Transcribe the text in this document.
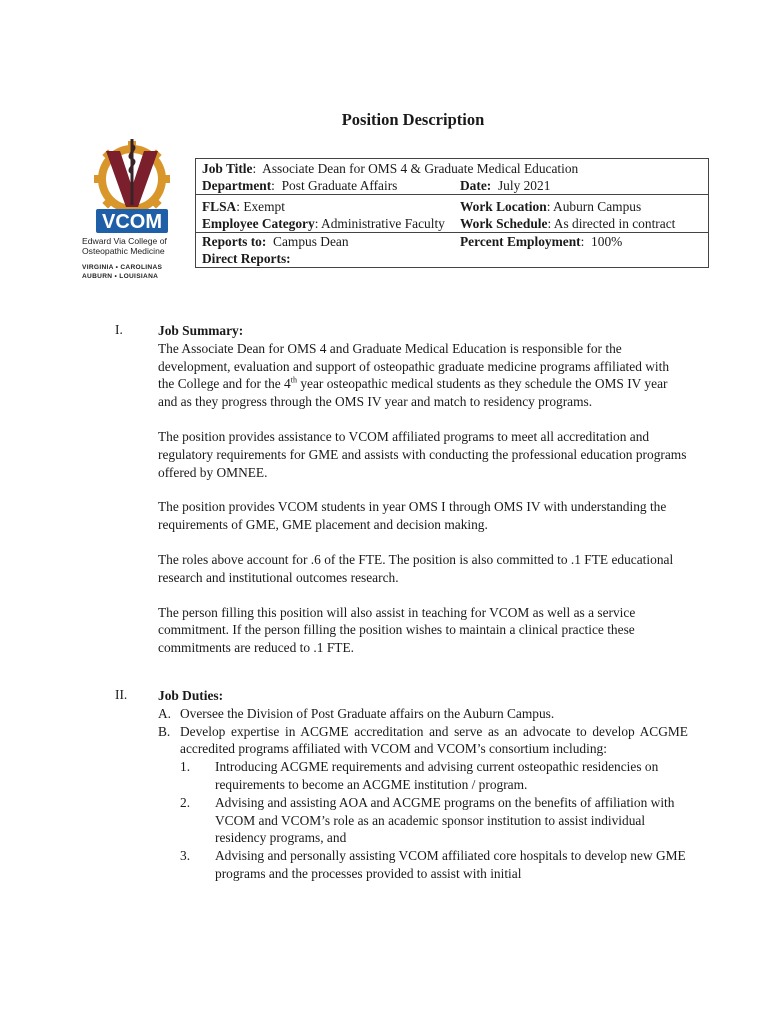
Position Description
VCOM
Edward Via College of
Osteopathic Medicine
VIRGINIA • CAROLINAS
AUBURN • LOUISIANA
Job Title:  Associate Dean for OMS 4 & Graduate Medical Education	
Department:  Post Graduate Affairs	Date: July 2021
FLSA: Exempt	Work Location: Auburn Campus
Employee Category: Administrative Faculty	Work Schedule: As directed in contract
Reports to: Campus Dean	Percent Employment:  100%
Direct Reports:	
I.	Job Summary:

The Associate Dean for OMS 4 and Graduate Medical Education is responsible for the development, evaluation and support of osteopathic graduate medicine programs affiliated with the College and for the 4th year osteopathic medical students as they schedule the OMS IV year and as they progress through the OMS IV year and match to residency programs.

The position provides assistance to VCOM affiliated programs to meet all accreditation and regulatory requirements for GME and assists with conducting the professional education programs offered by OMNEE.

The position provides VCOM students in year OMS I through OMS IV with understanding the requirements of GME, GME placement and decision making.

The roles above account for .6 of the FTE. The position is also committed to .1 FTE educational research and institutional outcomes research.

The person filling this position will also assist in teaching for VCOM as well as a service commitment. If the person filling the position wishes to maintain a clinical practice these commitments are reduced to .1 FTE.

II. Job Duties:

A. Oversee the Division of Post Graduate affairs on the Auburn Campus.
B. Develop expertise in ACGME accreditation and serve as an advocate to develop ACGME accredited programs affiliated with VCOM and VCOM’s consortium including:
1. Introducing ACGME requirements and advising current osteopathic residencies on requirements to become an ACGME institution / program.
2. Advising and assisting AOA and ACGME programs on the benefits of affiliation with VCOM and VCOM’s role as an academic sponsor institution to assist individual residency programs, and
3. Advising and personally assisting VCOM affiliated core hospitals to develop new GME programs and the processes provided to assist with initial
